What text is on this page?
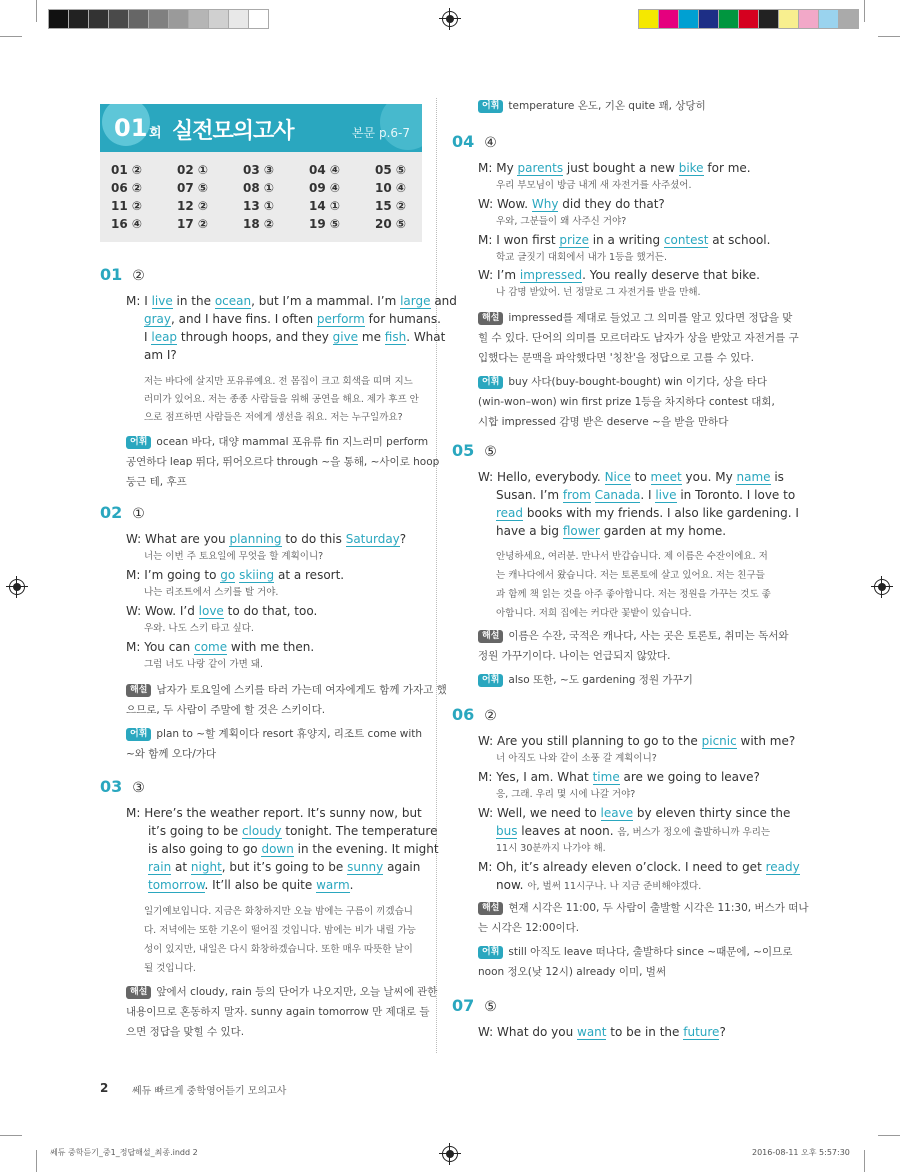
01 회 실전모의고사	본문 p.6-7
01 ②	02 ①	03 ③	04 ④	05 ⑤
06 ②	07 ⑤	08 ①	09 ④	10 ④
11 ②	12 ②	13 ①	14 ①	15 ②
16 ④	17 ②	18 ②	19 ⑤	20 ⑤
01 ②
M: I live in the ocean, but I’m a mammal. I’m large and
gray, and I have fins. I often perform for humans.
I leap through hoops, and they give me fish. What
am I?
저는 바다에 살지만 포유류예요. 전 몸집이 크고 회색을 띠며 지느
러미가 있어요. 저는 종종 사람들을 위해 공연을 해요. 제가 후프 안
으로 점프하면 사람들은 저에게 생선을 줘요. 저는 누구일까요?
어휘 ocean 바다, 대양 mammal 포유류 fin 지느러미 perform
공연하다 leap 뛰다, 뛰어오르다 through ~을 통해, ~사이로 hoop
둥근 테, 후프
02 ①
W: What are you planning to do this Saturday?
너는 이번 주 토요일에 무엇을 할 계획이니?
M: I’m going to go skiing at a resort.
나는 리조트에서 스키를 탈 거야.
W: Wow. I’d love to do that, too.
우와. 나도 스키 타고 싶다.
M: You can come with me then.
그럼 너도 나랑 같이 가면 돼.
해설 남자가 토요일에 스키를 타러 가는데 여자에게도 함께 가자고 했
으므로, 두 사람이 주말에 할 것은 스키이다.
어휘 plan to ~할 계획이다 resort 휴양지, 리조트 come with
~와 함께 오다/가다
03 ③
M: Here’s the weather report. It’s sunny now, but
it’s going to be cloudy tonight. The temperature
is also going to go down in the evening. It might
rain at night, but it’s going to be sunny again
tomorrow. It’ll also be quite warm.
일기예보입니다. 지금은 화창하지만 오늘 밤에는 구름이 끼겠습니
다. 저녁에는 또한 기온이 떨어질 것입니다. 밤에는 비가 내릴 가능
성이 있지만, 내일은 다시 화창하겠습니다. 또한 매우 따뜻한 날이
될 것입니다.
해설 앞에서 cloudy, rain 등의 단어가 나오지만, 오늘 날씨에 관한
내용이므로 혼동하지 말자. sunny again tomorrow 만 제대로 들
으면 정답을 맞힐 수 있다.
어휘 temperature 온도, 기온 quite 꽤, 상당히
04 ④
M: My parents just bought a new bike for me.
우리 부모님이 방금 내게 새 자전거를 사주셨어.
W: Wow. Why did they do that?
우와, 그분들이 왜 사주신 거야?
M: I won first prize in a writing contest at school.
학교 글짓기 대회에서 내가 1등을 했거든.
W: I’m impressed. You really deserve that bike.
나 감명 받았어. 넌 정말로 그 자전거를 받을 만해.
해설 impressed를 제대로 들었고 그 의미를 알고 있다면 정답을 맞
힐 수 있다. 단어의 의미를 모르더라도 남자가 상을 받았고 자전거를 구
입했다는 문맥을 파악했다면 '칭찬'을 정답으로 고를 수 있다.
어휘 buy 사다(buy-bought-bought) win 이기다, 상을 타다
(win-won–won) win first prize 1등을 차지하다 contest 대회,
시합 impressed 감명 받은 deserve ~을 받을 만하다
05 ⑤
W: Hello, everybody. Nice to meet you. My name is
Susan. I’m from Canada. I live in Toronto. I love to
read books with my friends. I also like gardening. I
have a big flower garden at my home.
안녕하세요, 여러분. 만나서 반갑습니다. 제 이름은 수잔이에요. 저
는 캐나다에서 왔습니다. 저는 토론토에 살고 있어요. 저는 친구들
과 함께 책 읽는 것을 아주 좋아합니다. 저는 정원을 가꾸는 것도 좋
아합니다. 저희 집에는 커다란 꽃밭이 있습니다.
해설 이름은 수잔, 국적은 캐나다, 사는 곳은 토론토, 취미는 독서와
정원 가꾸기이다. 나이는 언급되지 않았다.
어휘 also 또한, ~도 gardening 정원 가꾸기
06 ②
W: Are you still planning to go to the picnic with me?
너 아직도 나와 같이 소풍 갈 계획이니?
M: Yes, I am. What time are we going to leave?
응, 그래. 우리 몇 시에 나갈 거야?
W: Well, we need to leave by eleven thirty since the
bus leaves at noon. 음, 버스가 정오에 출발하니까 우리는
11시 30분까지 나가야 해.
M: Oh, it’s already eleven o’clock. I need to get ready
now. 아, 벌써 11시구나. 나 지금 준비해야겠다.
해설 현재 시각은 11:00, 두 사람이 출발할 시각은 11:30, 버스가 떠나
는 시각은 12:00이다.
어휘 still 아직도 leave 떠나다, 출발하다 since ~때문에, ~이므로
noon 정오(낮 12시) already 이미, 벌써
07 ⑤
W: What do you want to be in the future?
2 쎄듀 빠르게 중학영어듣기 모의고사
쎄듀 중학듣기_중1_정답해설_최종.indd 2	2016-08-11 오후 5:57:30
